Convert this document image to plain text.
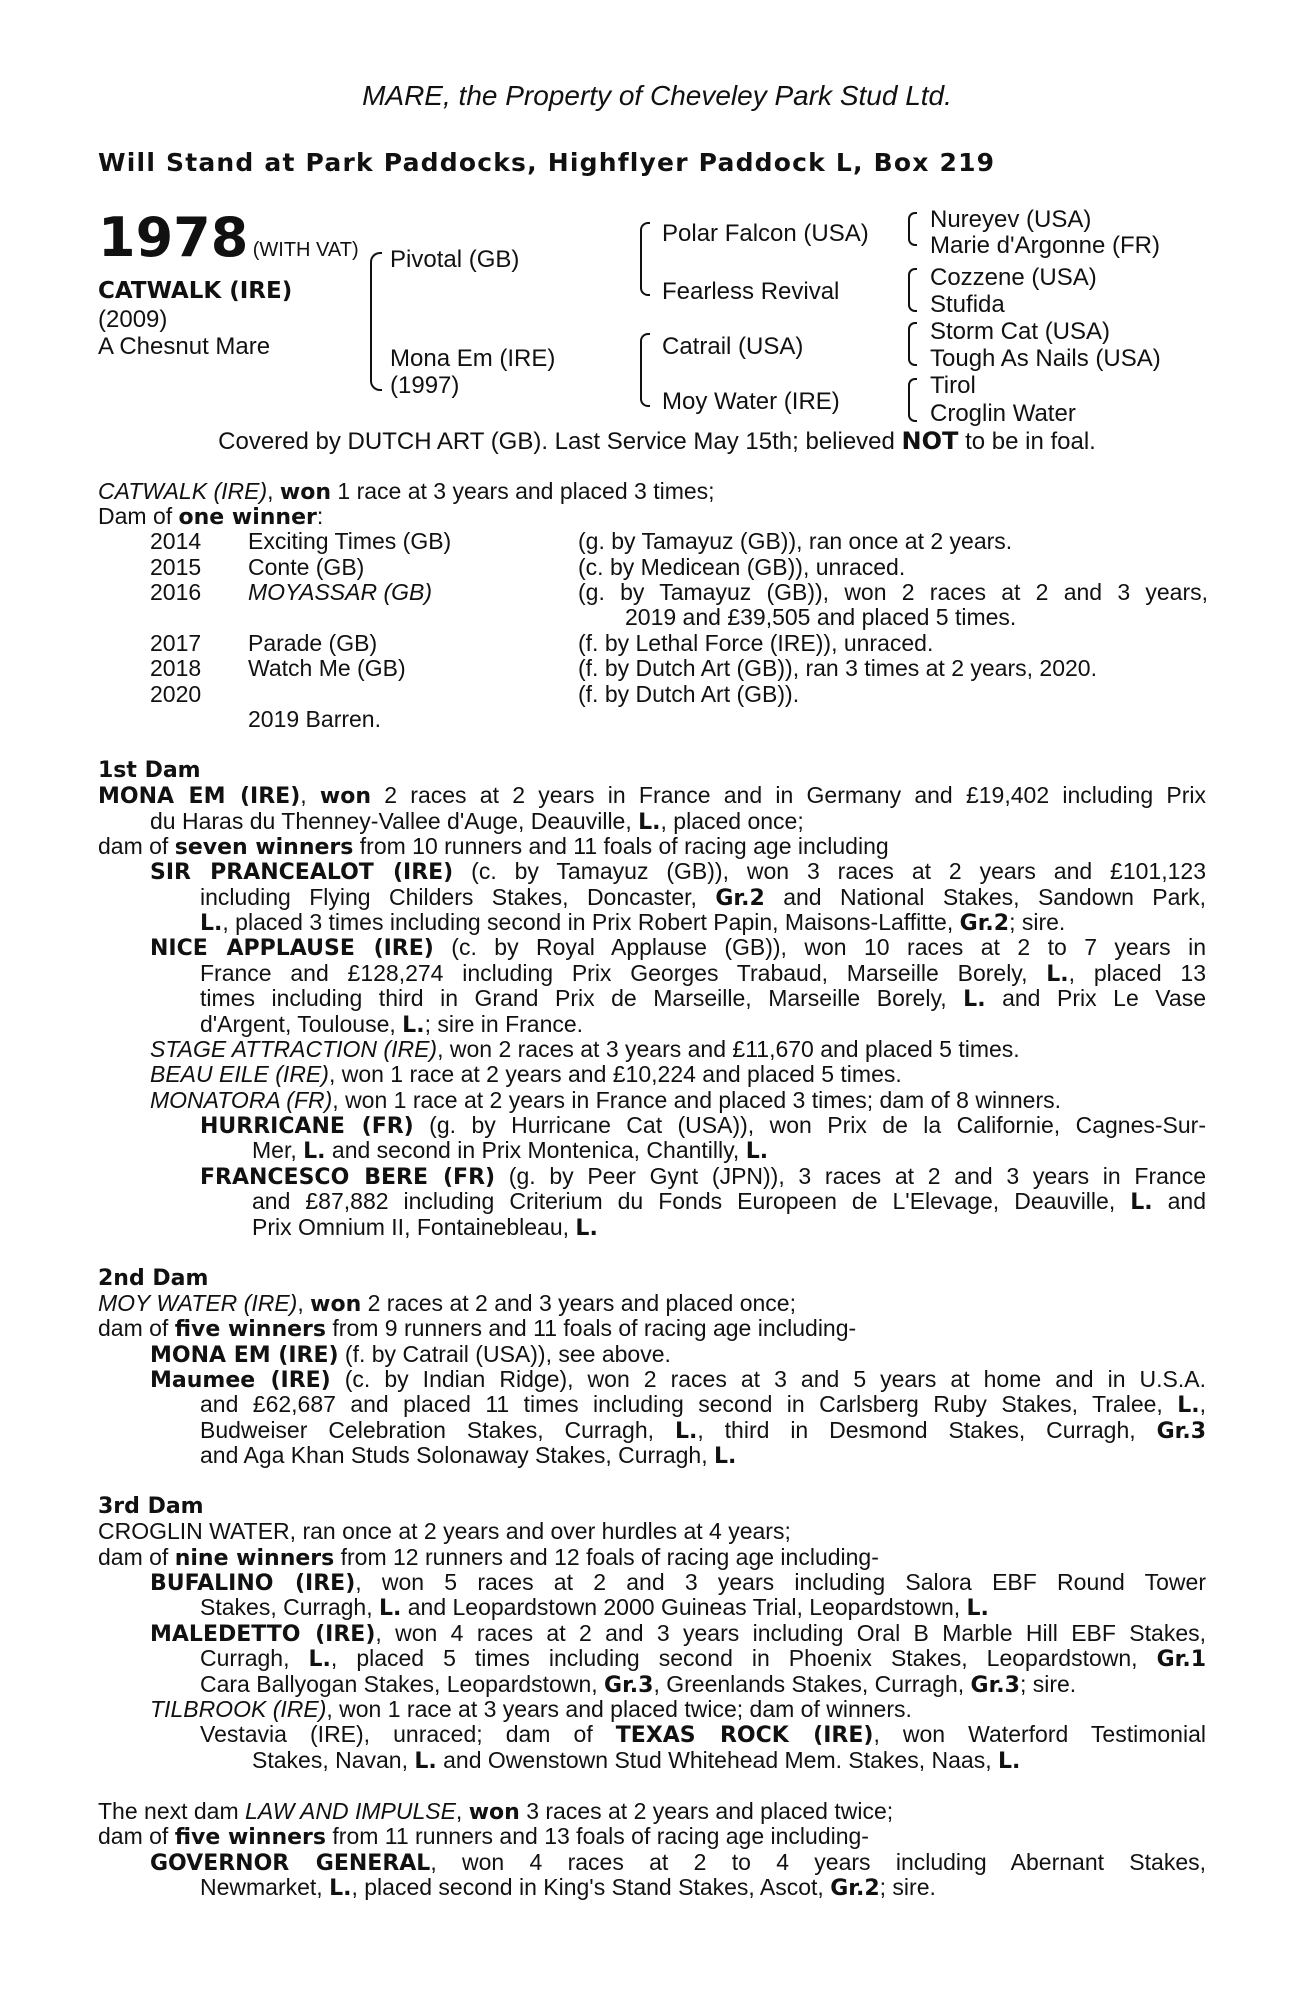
MARE, the Property of Cheveley Park Stud Ltd.
Will Stand at Park Paddocks, Highflyer Paddock L, Box 219
1978 (WITH VAT)
CATWALK (IRE)
(2009)
A Chesnut Mare
Pivotal (GB)
Mona Em (IRE)
(1997)
Polar Falcon (USA)
Fearless Revival
Catrail (USA)
Moy Water (IRE)
Nureyev (USA)
Marie d'Argonne (FR)
Cozzene (USA)
Stufida
Storm Cat (USA)
Tough As Nails (USA)
Tirol
Croglin Water
Covered by DUTCH ART (GB). Last Service May 15th; believed NOT to be in foal.
CATWALK (IRE), won 1 race at 3 years and placed 3 times;
Dam of one winner:
2014 Exciting Times (GB)	(g. by Tamayuz (GB)), ran once at 2 years.
2015 Conte (GB)	(c. by Medicean (GB)), unraced.
2016 MOYASSAR (GB)	(g. by Tamayuz (GB)), won 2 races at 2 and 3 years,
2019 and £39,505 and placed 5 times.
2017 Parade (GB)	(f. by Lethal Force (IRE)), unraced.
2018 Watch Me (GB)	(f. by Dutch Art (GB)), ran 3 times at 2 years, 2020.
2020	(f. by Dutch Art (GB)).
2019 Barren.
1st Dam
MONA EM (IRE), won 2 races at 2 years in France and in Germany and £19,402 including Prix
du Haras du Thenney-Vallee d'Auge, Deauville, L., placed once;
dam of seven winners from 10 runners and 11 foals of racing age including
SIR PRANCEALOT (IRE) (c. by Tamayuz (GB)), won 3 races at 2 years and £101,123
including Flying Childers Stakes, Doncaster, Gr.2 and National Stakes, Sandown Park,
L., placed 3 times including second in Prix Robert Papin, Maisons-Laffitte, Gr.2; sire.
NICE APPLAUSE (IRE) (c. by Royal Applause (GB)), won 10 races at 2 to 7 years in
France and £128,274 including Prix Georges Trabaud, Marseille Borely, L., placed 13
times including third in Grand Prix de Marseille, Marseille Borely, L. and Prix Le Vase
d'Argent, Toulouse, L.; sire in France.
STAGE ATTRACTION (IRE), won 2 races at 3 years and £11,670 and placed 5 times.
BEAU EILE (IRE), won 1 race at 2 years and £10,224 and placed 5 times.
MONATORA (FR), won 1 race at 2 years in France and placed 3 times; dam of 8 winners.
HURRICANE (FR) (g. by Hurricane Cat (USA)), won Prix de la Californie, Cagnes-Sur-
Mer, L. and second in Prix Montenica, Chantilly, L.
FRANCESCO BERE (FR) (g. by Peer Gynt (JPN)), 3 races at 2 and 3 years in France
and £87,882 including Criterium du Fonds Europeen de L'Elevage, Deauville, L. and
Prix Omnium II, Fontainebleau, L.
2nd Dam
MOY WATER (IRE), won 2 races at 2 and 3 years and placed once;
dam of five winners from 9 runners and 11 foals of racing age including-
MONA EM (IRE) (f. by Catrail (USA)), see above.
Maumee (IRE) (c. by Indian Ridge), won 2 races at 3 and 5 years at home and in U.S.A.
and £62,687 and placed 11 times including second in Carlsberg Ruby Stakes, Tralee, L.,
Budweiser Celebration Stakes, Curragh, L., third in Desmond Stakes, Curragh, Gr.3
and Aga Khan Studs Solonaway Stakes, Curragh, L.
3rd Dam
CROGLIN WATER, ran once at 2 years and over hurdles at 4 years;
dam of nine winners from 12 runners and 12 foals of racing age including-
BUFALINO (IRE), won 5 races at 2 and 3 years including Salora EBF Round Tower
Stakes, Curragh, L. and Leopardstown 2000 Guineas Trial, Leopardstown, L.
MALEDETTO (IRE), won 4 races at 2 and 3 years including Oral B Marble Hill EBF Stakes,
Curragh, L., placed 5 times including second in Phoenix Stakes, Leopardstown, Gr.1
Cara Ballyogan Stakes, Leopardstown, Gr.3, Greenlands Stakes, Curragh, Gr.3; sire.
TILBROOK (IRE), won 1 race at 3 years and placed twice; dam of winners.
Vestavia (IRE), unraced; dam of TEXAS ROCK (IRE), won Waterford Testimonial
Stakes, Navan, L. and Owenstown Stud Whitehead Mem. Stakes, Naas, L.
The next dam LAW AND IMPULSE, won 3 races at 2 years and placed twice;
dam of five winners from 11 runners and 13 foals of racing age including-
GOVERNOR GENERAL, won 4 races at 2 to 4 years including Abernant Stakes,
Newmarket, L., placed second in King's Stand Stakes, Ascot, Gr.2; sire.
